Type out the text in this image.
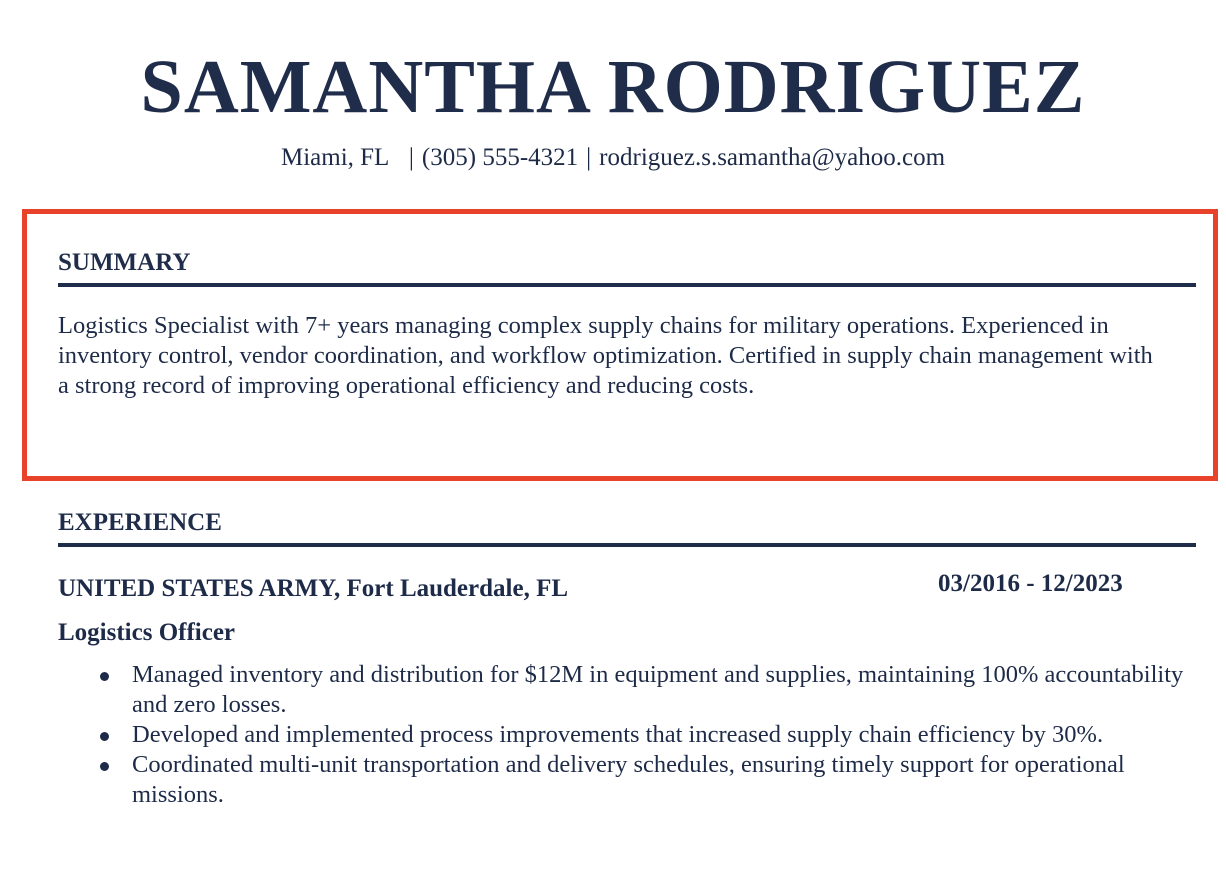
SAMANTHA RODRIGUEZ
Miami, FL | (305) 555-4321 | rodriguez.s.samantha@yahoo.com
SUMMARY
Logistics Specialist with 7+ years managing complex supply chains for military operations. Experienced in inventory control, vendor coordination, and workflow optimization. Certified in supply chain management with a strong record of improving operational efficiency and reducing costs.
EXPERIENCE
UNITED STATES ARMY, Fort Lauderdale, FL	03/2016 - 12/2023
Logistics Officer
Managed inventory and distribution for $12M in equipment and supplies, maintaining 100% accountability and zero losses.
Developed and implemented process improvements that increased supply chain efficiency by 30%.
Coordinated multi-unit transportation and delivery schedules, ensuring timely support for operational missions.
